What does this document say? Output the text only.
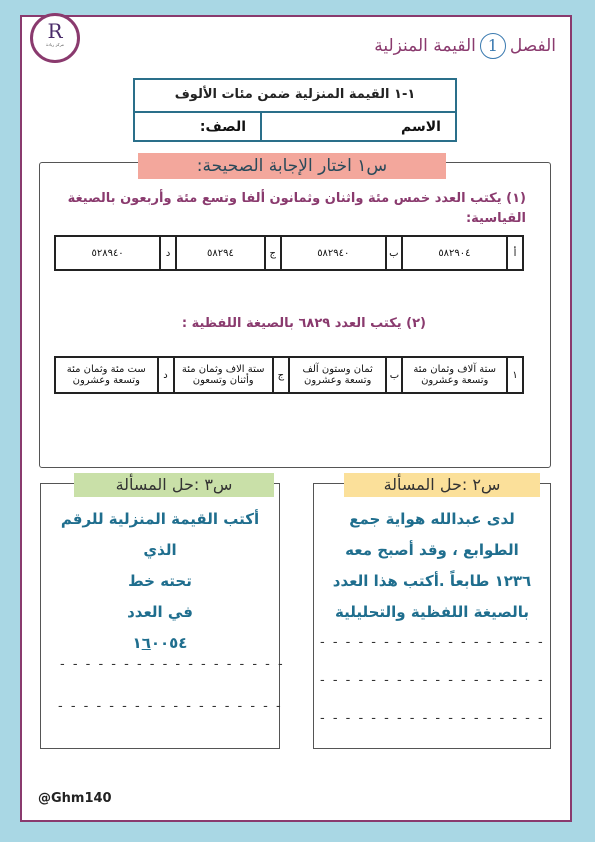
R
مركز ريادة	الفصل1القيمة المنزلية
١-١ القيمة المنزلية ضمن مئات الألوف
الاسم
الصف:
س١ اختار الإجابة الصحيحة:
(١) يكتب العدد خمس مئة واثنان وثمانون ألفا وتسع مئة وأربعون بالصيغة القياسية:
أ	٥٨٢٩٠٤	ب	٥٨٢٩٤٠	ج	٥٨٢٩٤	د	٥٢٨٩٤٠
(٢) يكتب العدد ٦٨٢٩ بالصيغة اللفظية :
١	ستة آلاف وثمان مئة وتسعة وعشرون	ب	ثمان وستون آلف وتسعة وعشرون	ج	ستة الاف وثمان مئة وأثنان وتسعون	د	ست مئة وثمان مئة وتسعة وعشرون
س٣ :حل المسألة
أكتب القيمة المنزلية للرقم الذي
تحته خط
في العدد
١٦٠٠٥٤
- - - - - - - - - - - - - - - - - -
- - - - - - - - - - - - - - - - - -
س٢ :حل المسألة
لدى عبدالله هواية جمع
الطوابع ، وقد أصبح معه
١٢٣٦ طابعاً .أكتب هذا العدد
بالصيغة اللفظية والتحليلية
- - - - - - - - - - - - - - - - - -
- - - - - - - - - - - - - - - - - -
- - - - - - - - - - - - - - - - - -
@Ghm140
